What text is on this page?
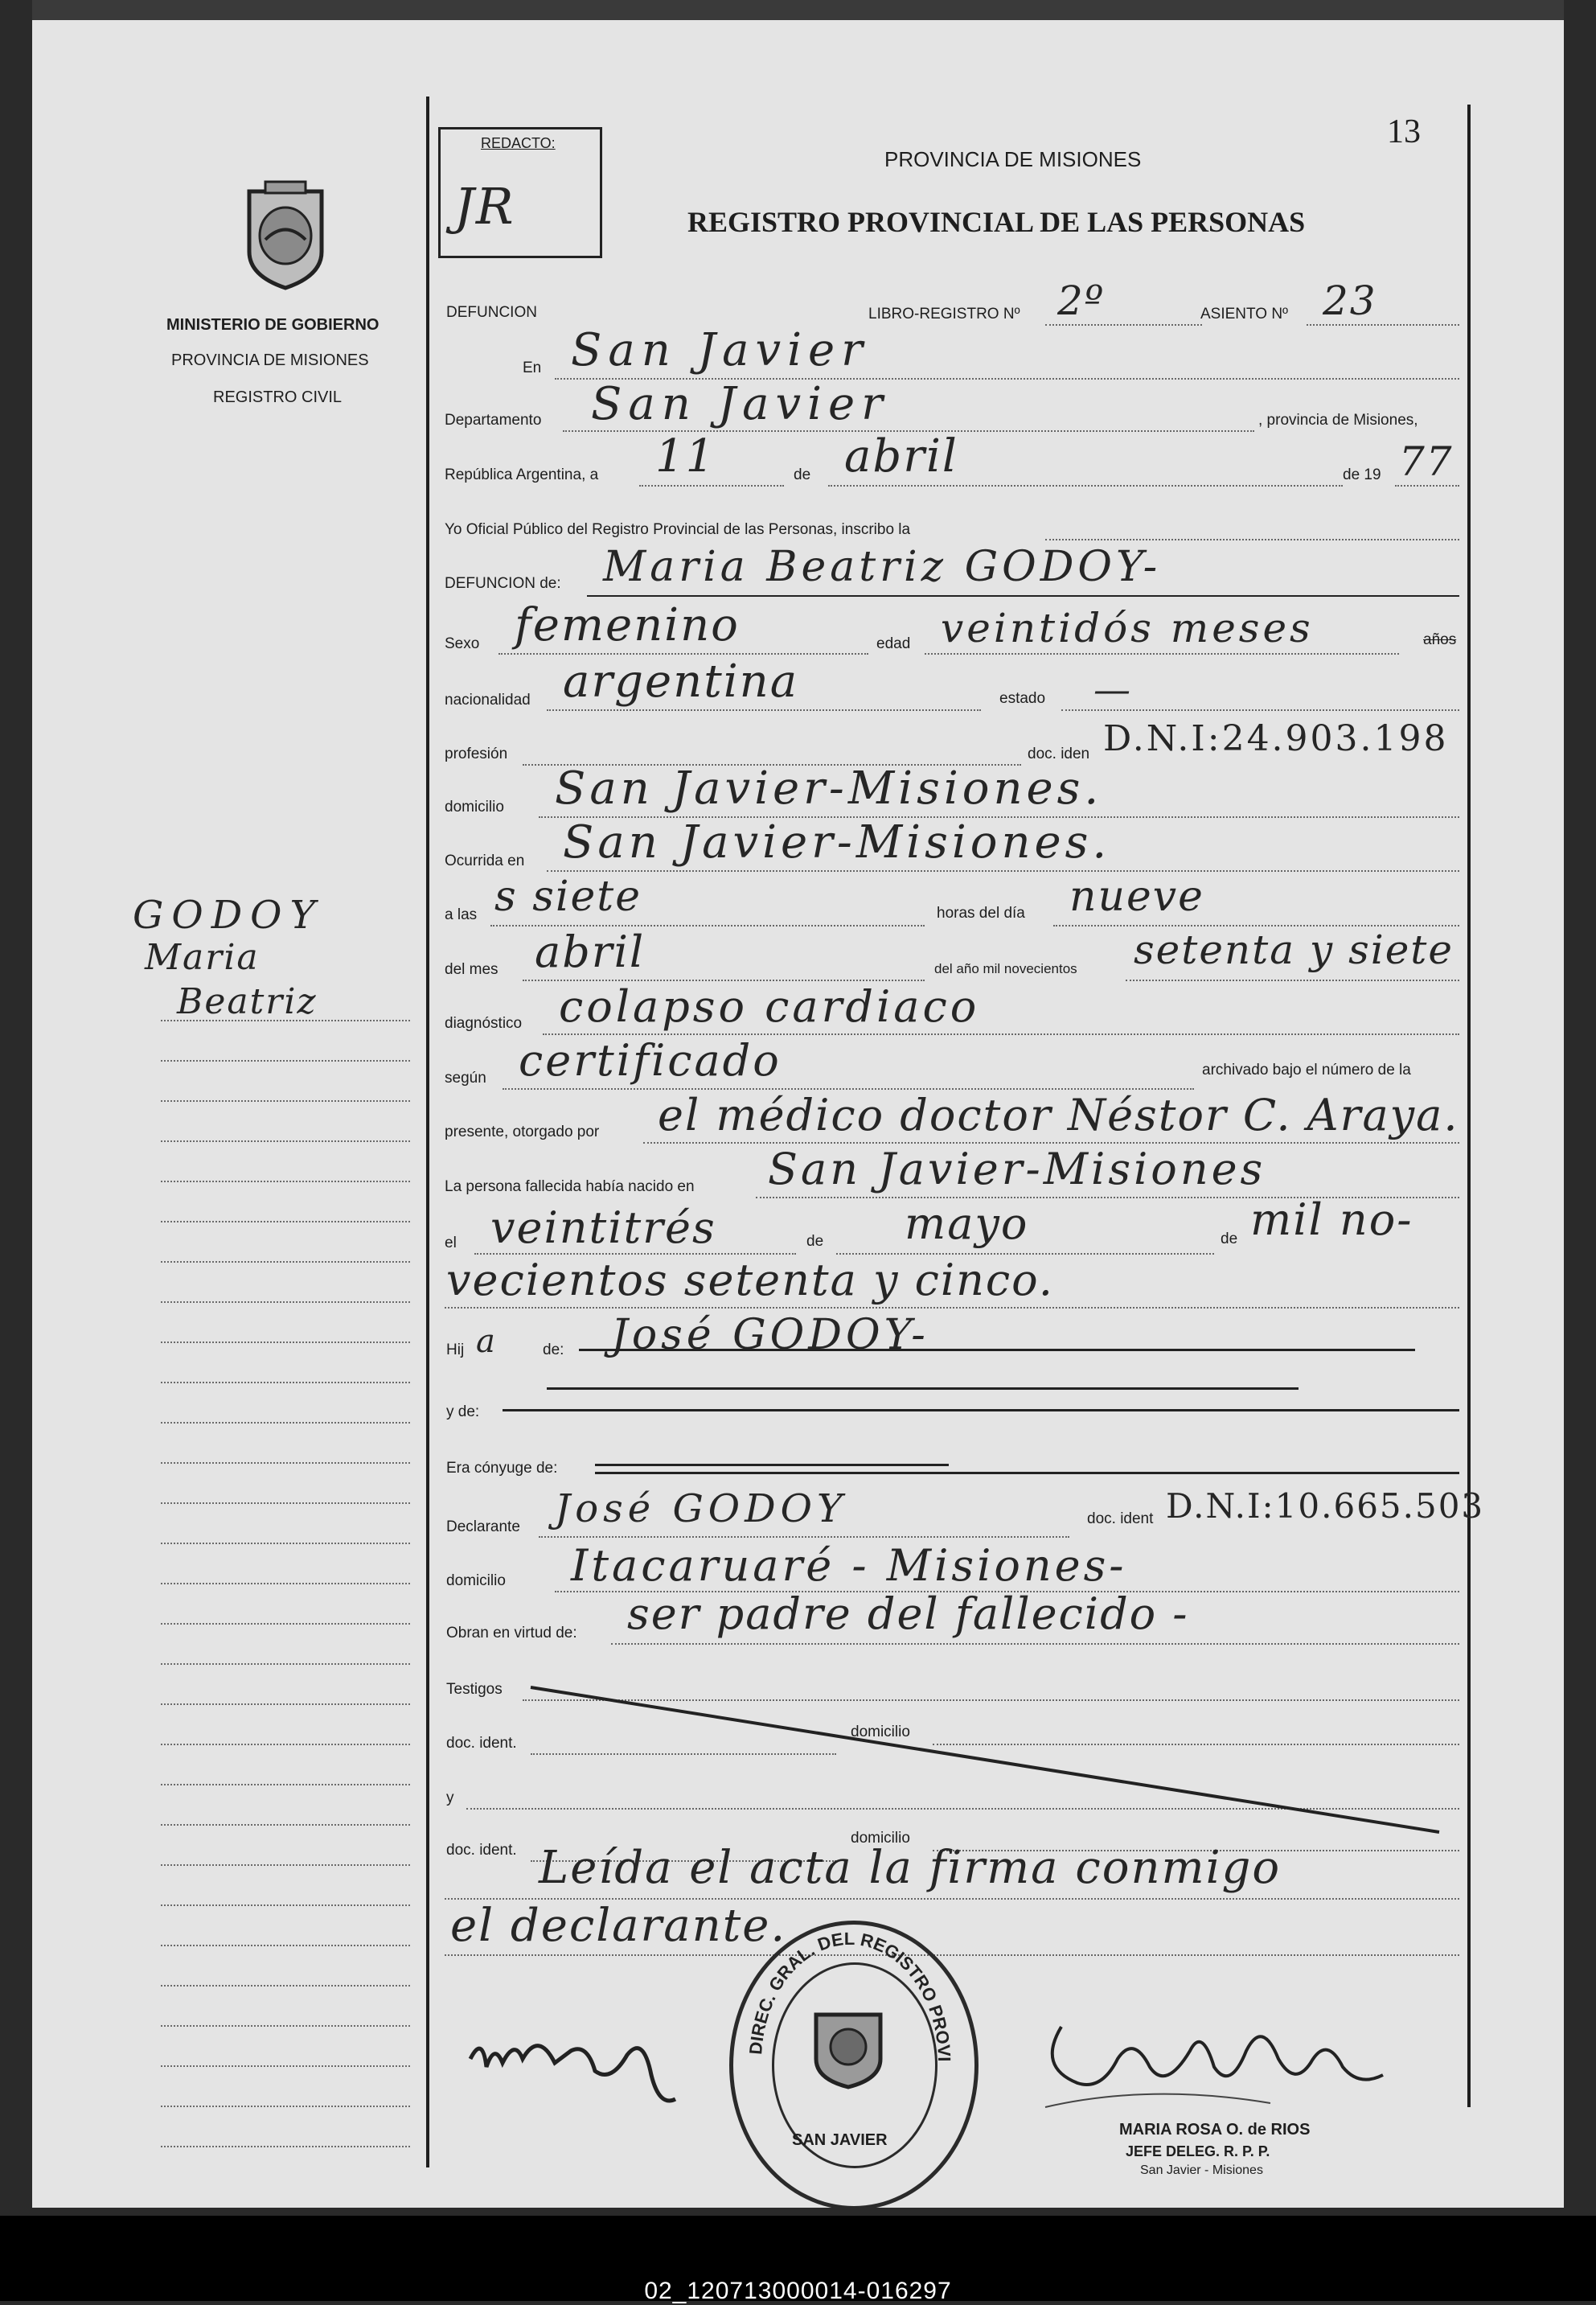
13
MINISTERIO DE GOBIERNO
PROVINCIA DE MISIONES
REGISTRO CIVIL
GODOY
Maria
Beatriz
REDACTO:
JR
PROVINCIA DE MISIONES
REGISTRO PROVINCIAL DE LAS PERSONAS
DEFUNCION	LIBRO-REGISTRO Nº 2º	ASIENTO Nº 23
En San Javier
Departamento San Javier	, provincia de Misiones,
República Argentina, a 11	de abril	de 19 77
Yo Oficial Público del Registro Provincial de las Personas, inscribo la
DEFUNCION de: Maria Beatriz GODOY-
Sexo femenino	edad veintidós meses	años
nacionalidad argentina	estado —
profesión	doc. iden D.N.I:24.903.198
domicilio San Javier-Misiones.
Ocurrida en San Javier-Misiones.
a las s siete	horas del día nueve
del mes abril	del año mil novecientos setenta y siete
diagnóstico colapso cardiaco
según certificado	archivado bajo el número de la
presente, otorgado por el médico doctor Néstor C. Araya.
La persona fallecida había nacido en San Javier-Misiones
el veintitrés	de mayo	de mil no-
vecientos setenta y cinco.
Hij a	de: José GODOY-
y de:
Era cónyuge de:
Declarante José GODOY	doc. ident D.N.I:10.665.503
domicilio Itacaruaré - Misiones-
Obran en virtud de: ser padre del fallecido -
Testigos
doc. ident.
domicilio
y
doc. ident.
domicilio
Leída el acta la firma conmigo
el declarante.
DIREC. GRAL. DEL REGISTRO PROVI
SAN JAVIER
MARIA ROSA O. de RIOS
JEFE DELEG. R. P. P.
San Javier - Misiones
02_120713000014-016297
